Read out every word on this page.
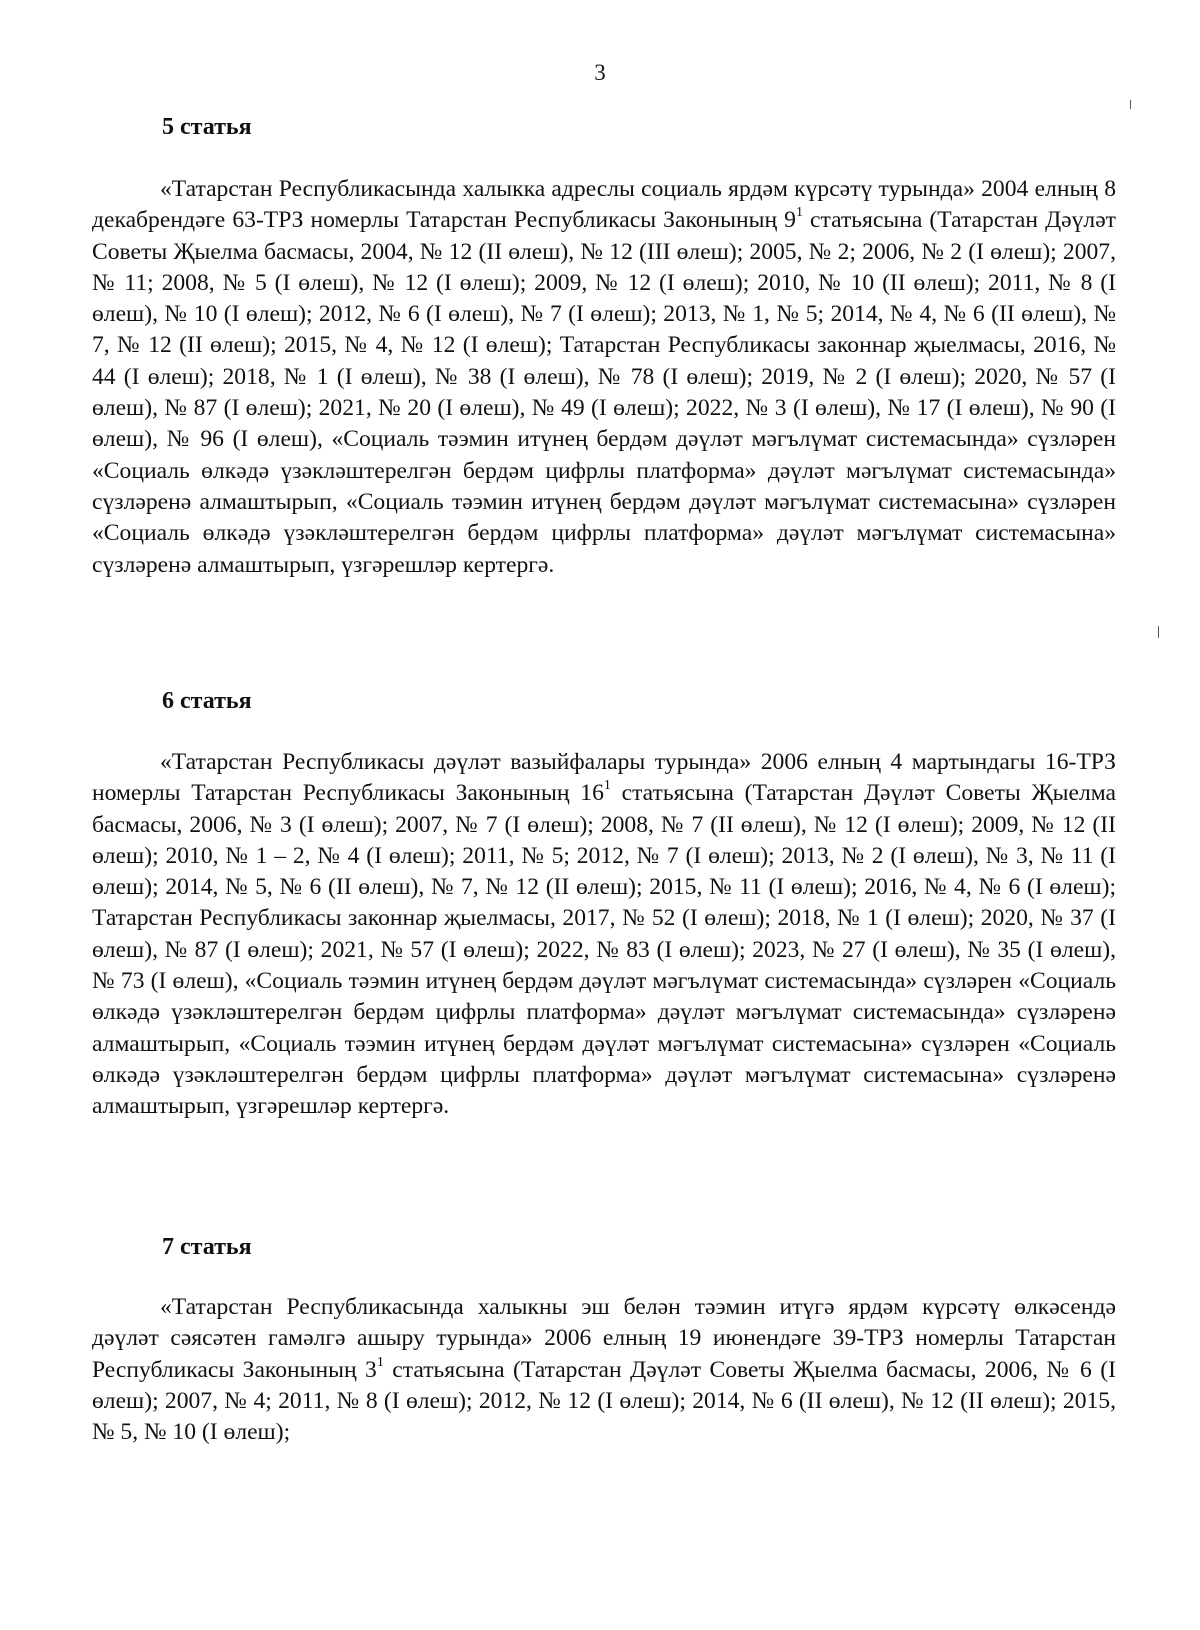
3
5 статья

«Татарстан Республикасында халыкка адреслы социаль ярдәм күрсәтү турында» 2004 елның 8 декабрендәге 63-ТРЗ номерлы Татарстан Республикасы Законының $9^1$ статьясына (Татарстан Дәүләт Советы Җыелма басмасы, 2004, № 12 (II өлеш), № 12 (III өлеш); 2005, № 2; 2006, № 2 (I өлеш); 2007, № 11; 2008, № 5 (I өлеш), № 12 (I өлеш); 2009, № 12 (I өлеш); 2010, № 10 (II өлеш); 2011, № 8 (I өлеш), № 10 (I өлеш); 2012, № 6 (I өлеш), № 7 (I өлеш); 2013, № 1, № 5; 2014, № 4, № 6 (II өлеш), № 7, № 12 (II өлеш); 2015, № 4, № 12 (I өлеш); Татарстан Республикасы законнар җыелмасы, 2016, № 44 (I өлеш); 2018, № 1 (I өлеш), № 38 (I өлеш), № 78 (I өлеш); 2019, № 2 (I өлеш); 2020, № 57 (I өлеш), № 87 (I өлеш); 2021, № 20 (I өлеш), № 49 (I өлеш); 2022, № 3 (I өлеш), № 17 (I өлеш), № 90 (I өлеш), № 96 (I өлеш), «Социаль тәэмин итүнең бердәм дәүләт мәгълүмат системасында» сүзләрен «Социаль өлкәдә үзәкләштерелгән бердәм цифрлы платформа» дәүләт мәгълүмат системасында» сүзләренә алмаштырып, «Социаль тәэмин итүнең бердәм дәүләт мәгълүмат системасына» сүзләрен «Социаль өлкәдә үзәкләштерелгән бердәм цифрлы платформа» дәүләт мәгълүмат системасына» сүзләренә алмаштырып, үзгәрешләр кертергә.

6 статья

«Татарстан Республикасы дәүләт вазыйфалары турында» 2006 елның 4 мартындагы 16-ТРЗ номерлы Татарстан Республикасы Законының $16^1$ статьясына (Татарстан Дәүләт Советы Җыелма басмасы, 2006, № 3 (I өлеш); 2007, № 7 (I өлеш); 2008, № 7 (II өлеш), № 12 (I өлеш); 2009, № 12 (II өлеш); 2010, № 1 – 2, № 4 (I өлеш); 2011, № 5; 2012, № 7 (I өлеш); 2013, № 2 (I өлеш), № 3, № 11 (I өлеш); 2014, № 5, № 6 (II өлеш), № 7, № 12 (II өлеш); 2015, № 11 (I өлеш); 2016, № 4, № 6 (I өлеш); Татарстан Республикасы законнар җыелмасы, 2017, № 52 (I өлеш); 2018, № 1 (I өлеш); 2020, № 37 (I өлеш), № 87 (I өлеш); 2021, № 57 (I өлеш); 2022, № 83 (I өлеш); 2023, № 27 (I өлеш), № 35 (I өлеш), № 73 (I өлеш), «Социаль тәэмин итүнең бердәм дәүләт мәгълүмат системасында» сүзләрен «Социаль өлкәдә үзәкләштерелгән бердәм цифрлы платформа» дәүләт мәгълүмат системасында» сүзләренә алмаштырып, «Социаль тәэмин итүнең бердәм дәүләт мәгълүмат системасына» сүзләрен «Социаль өлкәдә үзәкләштерелгән бердәм цифрлы платформа» дәүләт мәгълүмат системасына» сүзләренә алмаштырып, үзгәрешләр кертергә.

7 статья

«Татарстан Республикасында халыкны эш белән тәэмин итүгә ярдәм күрсәтү өлкәсендә дәүләт сәясәтен гамәлгә ашыру турында» 2006 елның 19 июнендәге 39-ТРЗ номерлы Татарстан Республикасы Законының $3^1$ статьясына (Татарстан Дәүләт Советы Җыелма басмасы, 2006, № 6 (I өлеш); 2007, № 4; 2011, № 8 (I өлеш); 2012, № 12 (I өлеш); 2014, № 6 (II өлеш), № 12 (II өлеш); 2015, № 5, № 10 (I өлеш);
